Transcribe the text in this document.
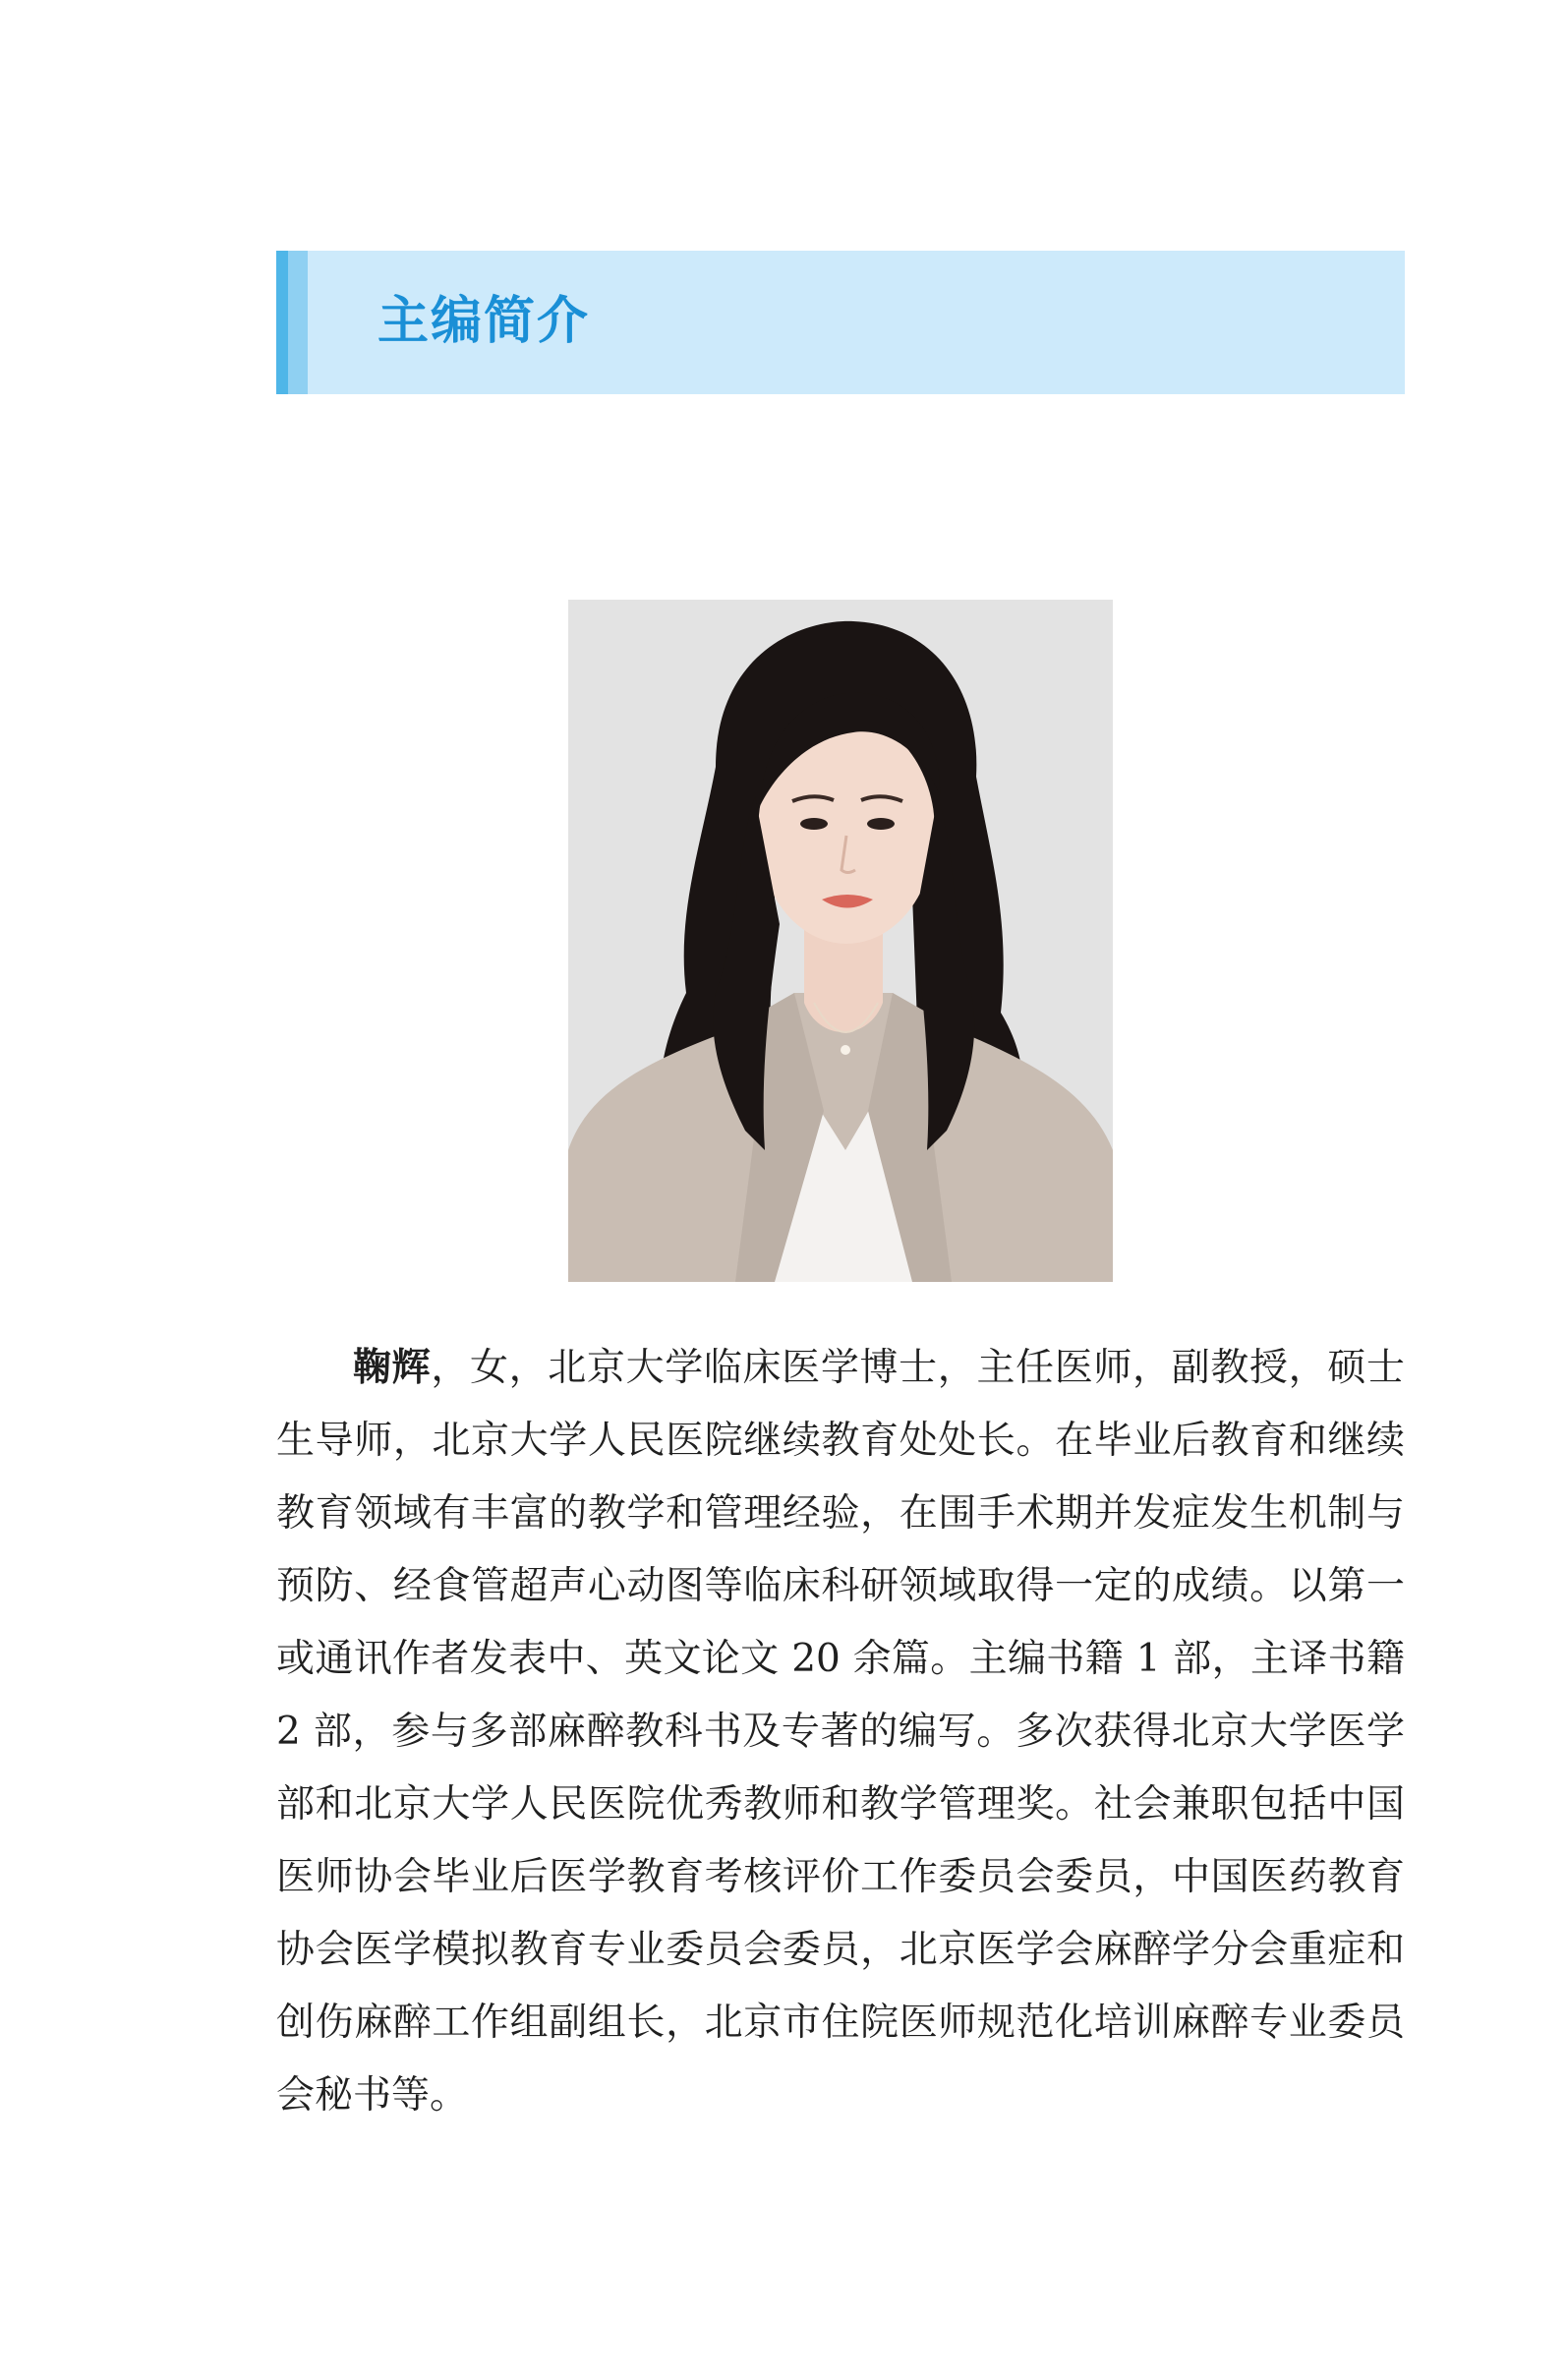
主编简介

鞠辉，女，北京大学临床医学博士，主任医师，副教授，硕士生导师，北京大学人民医院继续教育处处长。在毕业后教育和继续教育领域有丰富的教学和管理经验，在围手术期并发症发生机制与预防、经食管超声心动图等临床科研领域取得一定的成绩。以第一或通讯作者发表中、英文论文 20 余篇。主编书籍 1 部，主译书籍 2 部，参与多部麻醉教科书及专著的编写。多次获得北京大学医学部和北京大学人民医院优秀教师和教学管理奖。社会兼职包括中国医师协会毕业后医学教育考核评价工作委员会委员，中国医药教育协会医学模拟教育专业委员会委员，北京医学会麻醉学分会重症和创伤麻醉工作组副组长，北京市住院医师规范化培训麻醉专业委员会秘书等。
